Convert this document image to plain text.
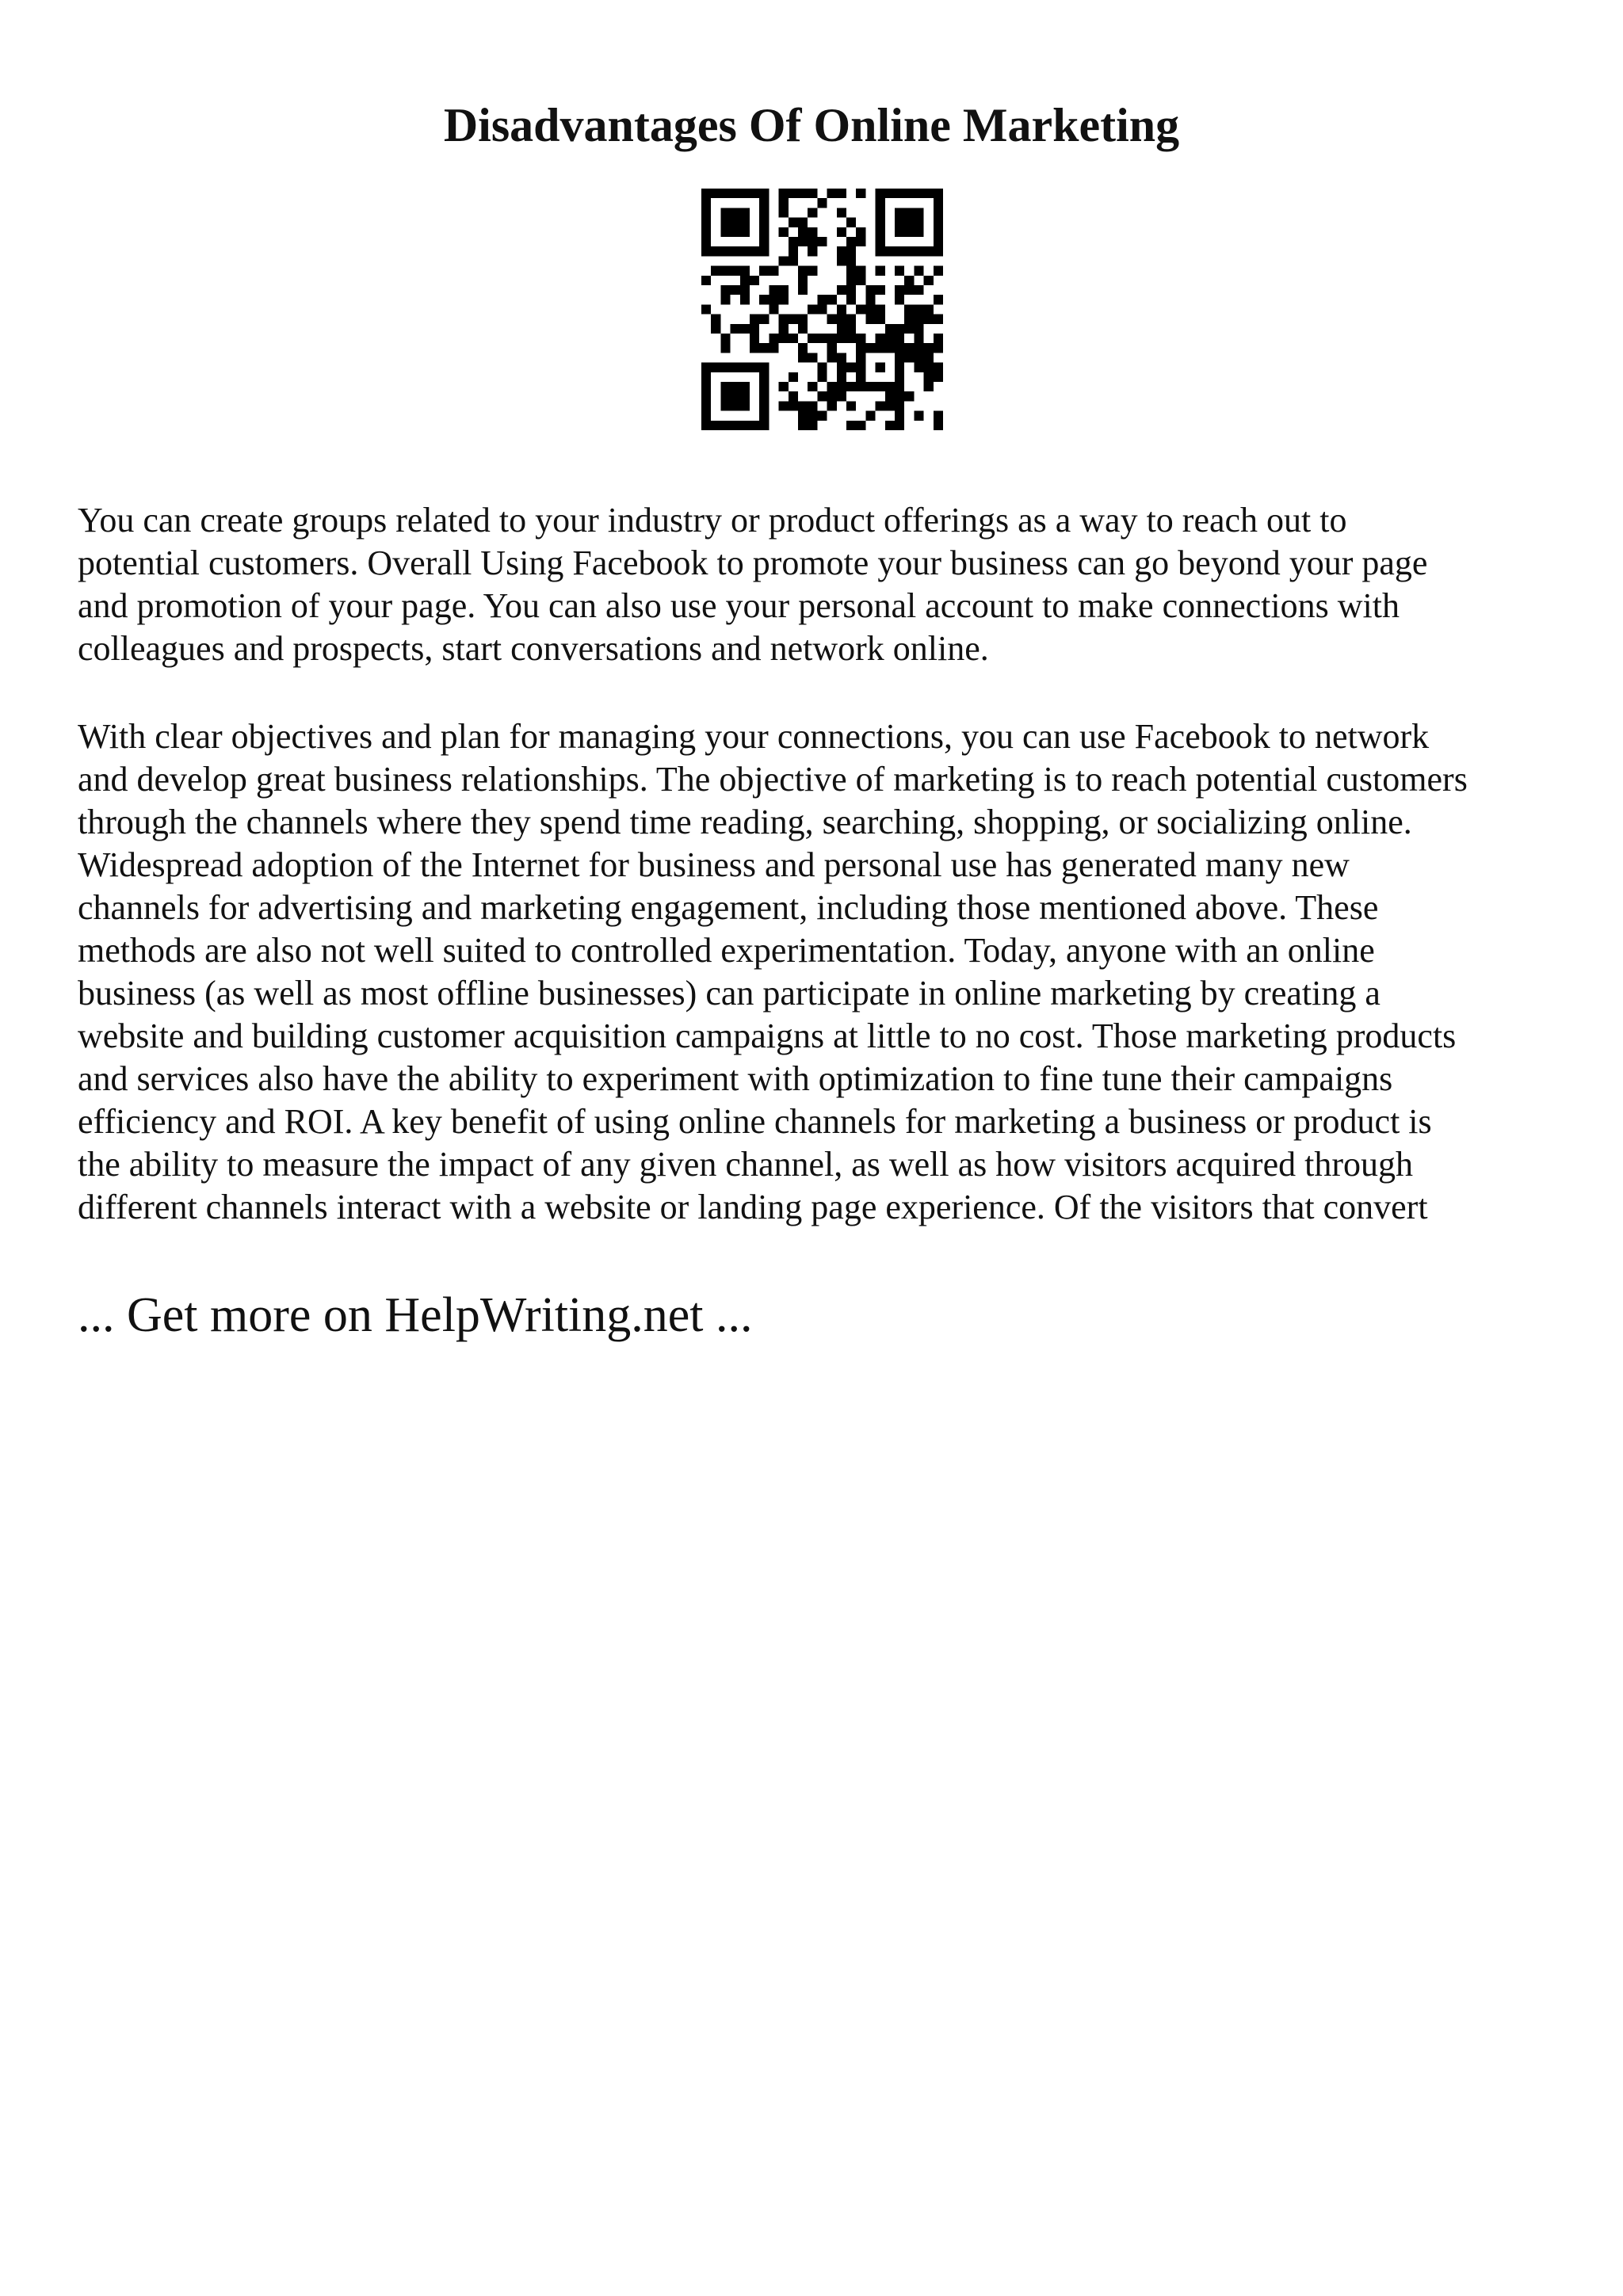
Disadvantages Of Online Marketing

You can create groups related to your industry or product offerings as a way to reach out to
potential customers. Overall Using Facebook to promote your business can go beyond your page
and promotion of your page. You can also use your personal account to make connections with
colleagues and prospects, start conversations and network online.

With clear objectives and plan for managing your connections, you can use Facebook to network
and develop great business relationships. The objective of marketing is to reach potential customers
through the channels where they spend time reading, searching, shopping, or socializing online.
Widespread adoption of the Internet for business and personal use has generated many new
channels for advertising and marketing engagement, including those mentioned above. These
methods are also not well suited to controlled experimentation. Today, anyone with an online
business (as well as most offline businesses) can participate in online marketing by creating a
website and building customer acquisition campaigns at little to no cost. Those marketing products
and services also have the ability to experiment with optimization to fine tune their campaigns
efficiency and ROI. A key benefit of using online channels for marketing a business or product is
the ability to measure the impact of any given channel, as well as how visitors acquired through
different channels interact with a website or landing page experience. Of the visitors that convert

... Get more on HelpWriting.net ...
